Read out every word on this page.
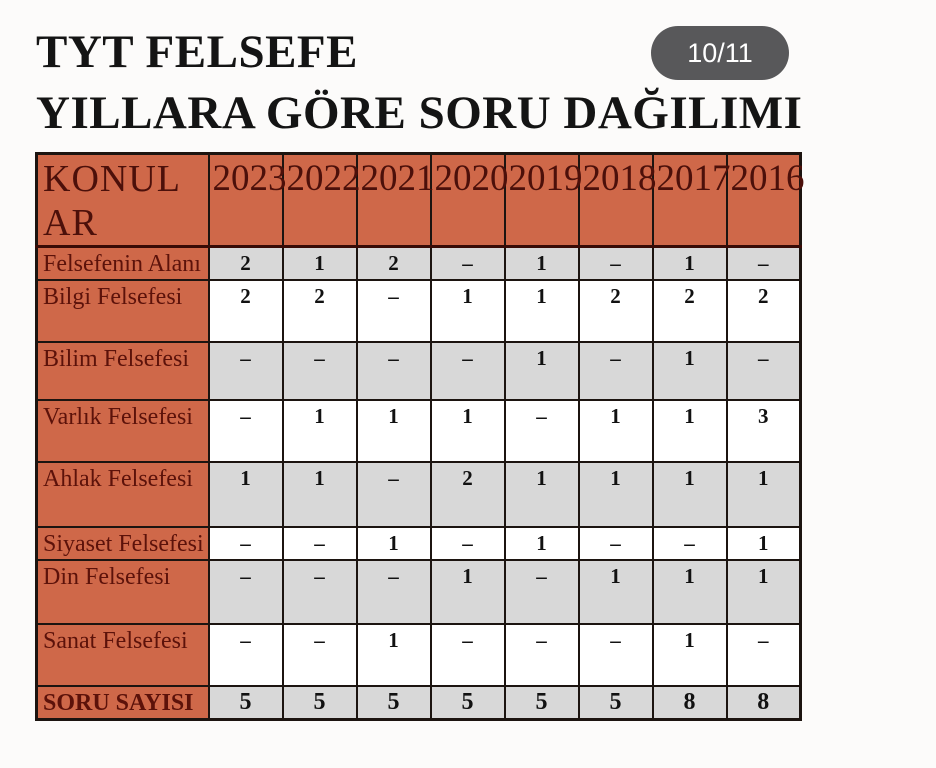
TYT FELSEFE
YILLARA GÖRE SORU DAĞILIMI
10/11
KONULAR	2023	2022	2021	2020	2019	2018	2017	2016
Felsefenin Alanı	2	1	2	–	1	–	1	–
Bilgi Felsefesi	2	2	–	1	1	2	2	2
Bilim Felsefesi	–	–	–	–	1	–	1	–
Varlık Felsefesi	–	1	1	1	–	1	1	3
Ahlak Felsefesi	1	1	–	2	1	1	1	1
Siyaset Felsefesi	–	–	1	–	1	–	–	1
Din Felsefesi	–	–	–	1	–	1	1	1
Sanat Felsefesi	–	–	1	–	–	–	1	–
SORU SAYISI	5	5	5	5	5	5	8	8
